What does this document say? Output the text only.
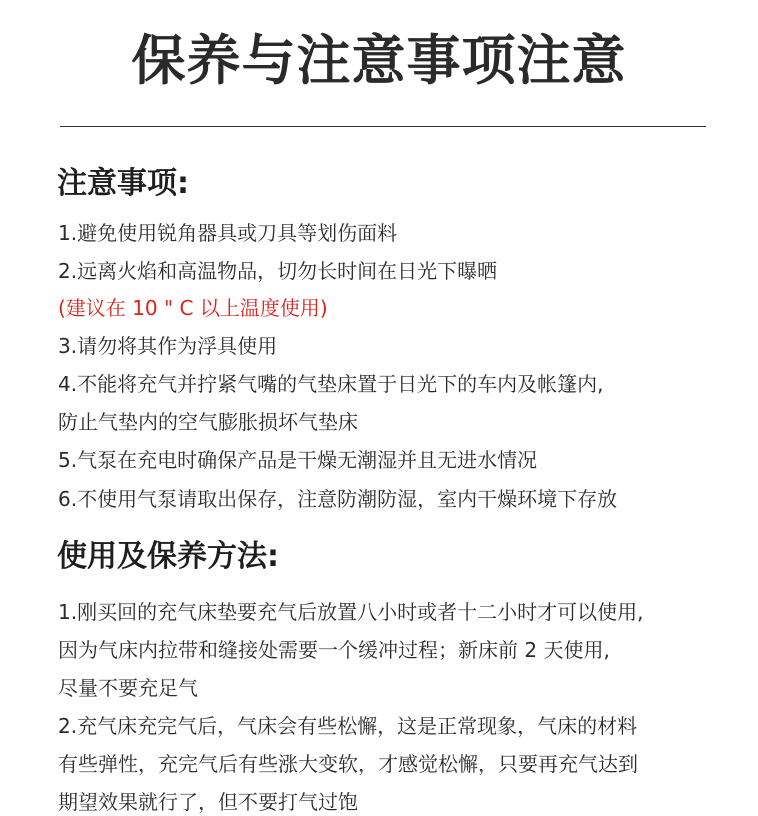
保养与注意事项注意
注意事项:
1.避免使用锐角器具或刀具等划伤面料
2.远离火焰和高温物品，切勿长时间在日光下曝晒
(建议在 10 " C 以上温度使用)
3.请勿将其作为浮具使用
4.不能将充气并拧紧气嘴的气垫床置于日光下的车内及帐篷内,
防止气垫内的空气膨胀损坏气垫床
5.气泵在充电时确保产品是干燥无潮湿并且无进水情况
6.不使用气泵请取出保存，注意防潮防湿，室内干燥环境下存放
使用及保养方法:
1.刚买回的充气床垫要充气后放置八小时或者十二小时才可以使用,
因为气床内拉带和缝接处需要一个缓冲过程；新床前 2 天使用,
尽量不要充足气
2.充气床充完气后，气床会有些松懈，这是正常现象，气床的材料
有些弹性，充完气后有些涨大变软，才感觉松懈，只要再充气达到
期望效果就行了，但不要打气过饱
